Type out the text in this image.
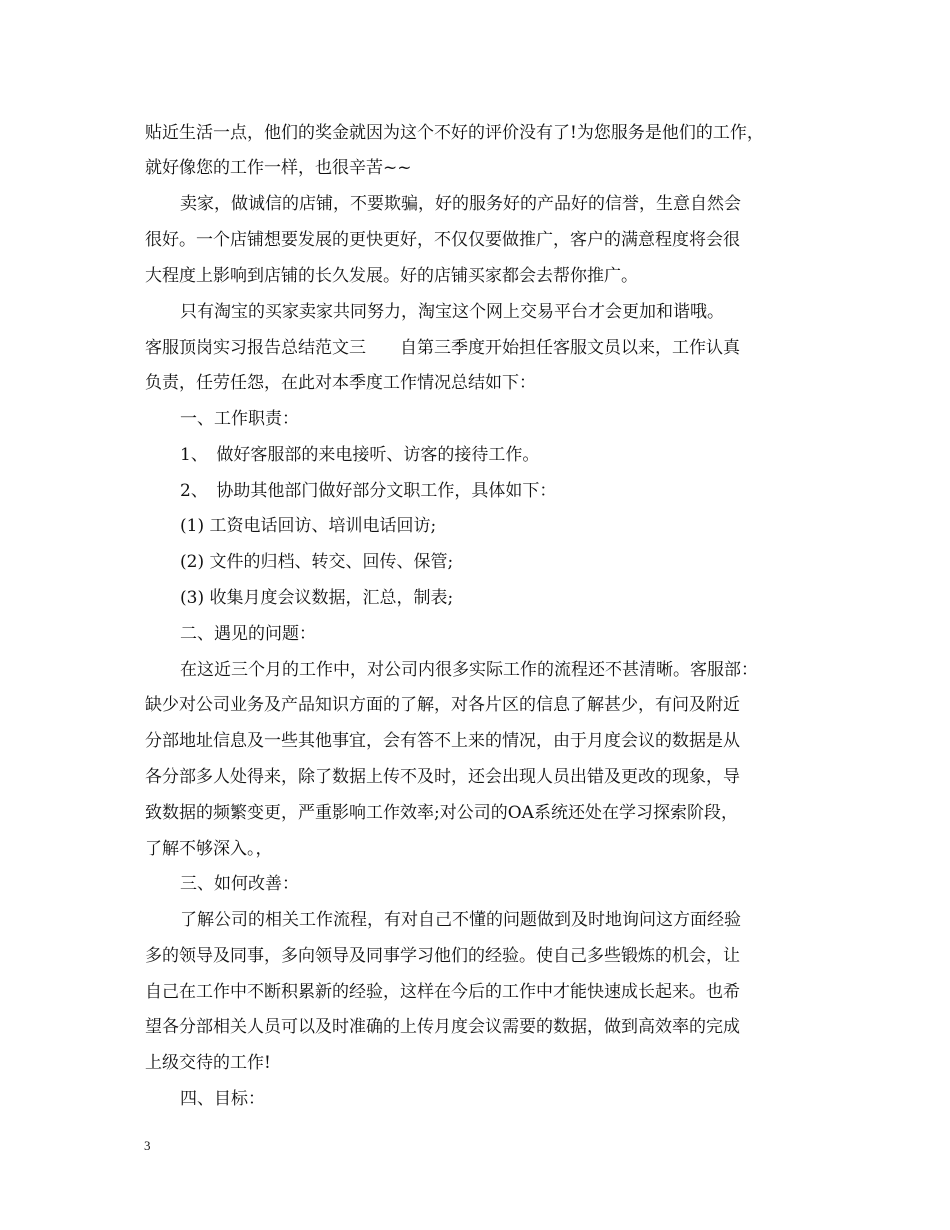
贴近生活一点，他们的奖金就因为这个不好的评价没有了!为您服务是他们的工作，
就好像您的工作一样，也很辛苦~~
卖家，做诚信的店铺，不要欺骗，好的服务好的产品好的信誉，生意自然会
很好。一个店铺想要发展的更快更好，不仅仅要做推广，客户的满意程度将会很
大程度上影响到店铺的长久发展。好的店铺买家都会去帮你推广。
只有淘宝的买家卖家共同努力，淘宝这个网上交易平台才会更加和谐哦。
客服顶岗实习报告总结范文三　　自第三季度开始担任客服文员以来，工作认真
负责，任劳任怨，在此对本季度工作情况总结如下：
一、工作职责：
1、　做好客服部的来电接听、访客的接待工作。
2、　协助其他部门做好部分文职工作，具体如下：
(1) 工资电话回访、培训电话回访;
(2) 文件的归档、转交、回传、保管;
(3) 收集月度会议数据，汇总，制表;
二、遇见的问题：
在这近三个月的工作中，对公司内很多实际工作的流程还不甚清晰。客服部：
缺少对公司业务及产品知识方面的了解，对各片区的信息了解甚少，有问及附近
分部地址信息及一些其他事宜，会有答不上来的情况，由于月度会议的数据是从
各分部多人处得来，除了数据上传不及时，还会出现人员出错及更改的现象，导
致数据的频繁变更，严重影响工作效率;对公司的OA系统还处在学习探索阶段，
了解不够深入。，
三、如何改善：
了解公司的相关工作流程，有对自己不懂的问题做到及时地询问这方面经验
多的领导及同事，多向领导及同事学习他们的经验。使自己多些锻炼的机会，让
自己在工作中不断积累新的经验，这样在今后的工作中才能快速成长起来。也希
望各分部相关人员可以及时准确的上传月度会议需要的数据，做到高效率的完成
上级交待的工作!
四、目标：
3
